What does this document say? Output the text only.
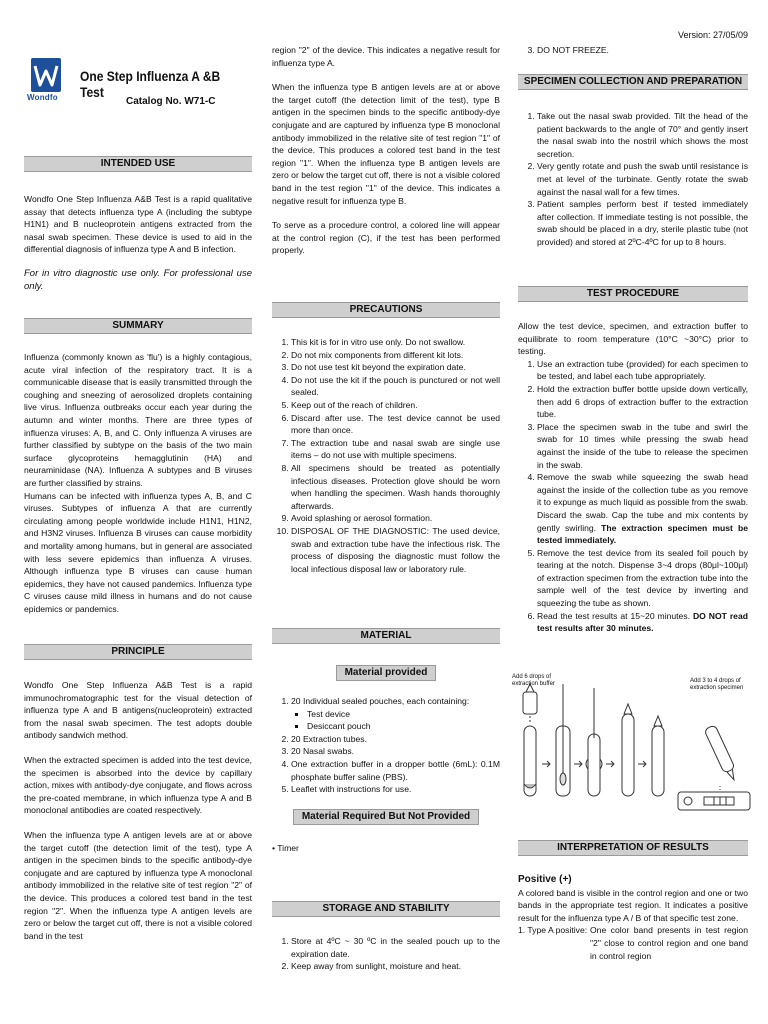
Version: 27/05/09
Wondfo
One Step Influenza A &B Test
Catalog No. W71-C
INTENDED USE

Wondfo One Step Influenza A&B Test is a rapid qualitative assay that detects influenza type A (including the subtype H1N1) and B nucleoprotein antigens extracted from the nasal swab specimen. These device is used to aid in the differential diagnosis of influenza type A and B infection.

For in vitro diagnostic use only. For professional use only.

SUMMARY

Influenza (commonly known as 'flu') is a highly contagious, acute viral infection of the respiratory tract. It is a communicable disease that is easily transmitted through the coughing and sneezing of aerosolized droplets containing live virus. Influenza outbreaks occur each year during the autumn and winter months. There are three types of influenza viruses: A, B, and C. Only influenza A viruses are further classified by subtype on the basis of the two main surface glycoproteins hemagglutinin (HA) and neuraminidase (NA). Influenza A subtypes and B viruses are further classified by strains.

Humans can be infected with influenza types A, B, and C viruses. Subtypes of influenza A that are currently circulating among people worldwide include H1N1, H1N2, and H3N2 viruses. Influenza B viruses can cause morbidity and mortality among humans, but in general are associated with less severe epidemics than influenza A viruses. Although influenza type B viruses can cause human epidemics, they have not caused pandemics. Influenza type C viruses cause mild illness in humans and do not cause epidemics or pandemics.

PRINCIPLE

Wondfo One Step Influenza A&B Test is a rapid immunochromatographic test for the visual detection of influenza type A and B antigens(nucleoprotein) extracted from the nasal swab specimen. The test adopts double antibody sandwich method.

When the extracted specimen is added into the test device, the specimen is absorbed into the device by capillary action, mixes with antibody-dye conjugate, and flows across the pre-coated membrane, in which influenza type A and B monoclonal antibodies are coated respectively.

When the influenza type A antigen levels are at or above the target cutoff (the detection limit of the test), type A antigen in the specimen binds to the specific antibody-dye conjugate and are captured by influenza type A monoclonal antibody immobilized in the relative site of test region "2" of the device. This produces a colored test band in the test region "2". When the influenza type A antigen levels are zero or below the target cut off, there is not a visible colored band in the test

region "2" of the device. This indicates a negative result for influenza type A.

When the influenza type B antigen levels are at or above the target cutoff (the detection limit of the test), type B antigen in the specimen binds to the specific antibody-dye conjugate and are captured by influenza type B monoclonal antibody immobilized in the relative site of test region "1" of the device. This produces a colored test band in the test region "1". When the influenza type B antigen levels are zero or below the target cut off, there is not a visible colored band in the test region "1" of the device. This indicates a negative result for influenza type B.

To serve as a procedure control, a colored line will appear at the control region (C), if the test has been performed properly.

PRECAUTIONS
1. This kit is for in vitro use only. Do not swallow.
2. Do not mix components from different kit lots.
3. Do not use test kit beyond the expiration date.
4. Do not use the kit if the pouch is punctured or not well sealed.
5. Keep out of the reach of children.
6. Discard after use. The test device cannot be used more than once.
7. The extraction tube and nasal swab are single use items – do not use with multiple specimens.
8. All specimens should be treated as potentially infectious diseases. Protection glove should be worn when handling the specimen. Wash hands thoroughly afterwards.
9. Avoid splashing or aerosol formation.
10. DISPOSAL OF THE DIAGNOSTIC: The used device, swab and extraction tube have the infectious risk. The process of disposing the diagnostic must follow the local infectious disposal law or laboratory rule.
MATERIAL
Material provided
1. 20 Individual sealed pouches, each containing:
▪ Test device
▪ Desiccant pouch
2. 20 Extraction tubes.
3. 20 Nasal swabs.
4. One extraction buffer in a dropper bottle (6mL): 0.1M phosphate buffer saline (PBS).
5. Leaflet with instructions for use.
Material Required But Not Provided

• Timer

STORAGE AND STABILITY
1. Store at 4ºC ~ 30 ºC in the sealed pouch up to the expiration date.
2. Keep away from sunlight, moisture and heat.
3. DO NOT FREEZE.
SPECIMEN COLLECTION AND PREPARATION
1. Take out the nasal swab provided. Tilt the head of the patient backwards to the angle of 70° and gently insert the nasal swab into the nostril which shows the most secretion.
2. Very gently rotate and push the swab until resistance is met at level of the turbinate. Gently rotate the swab against the nasal wall for a few times.
3. Patient samples perform best if tested immediately after collection. If immediate testing is not possible, the swab should be placed in a dry, sterile plastic tube (not provided) and stored at 2ºC-4ºC for up to 8 hours.
TEST PROCEDURE

Allow the test device, specimen, and extraction buffer to equilibrate to room temperature (10°C ~30°C) prior to testing.

1. Use an extraction tube (provided) for each specimen to be tested, and label each tube appropriately.
2. Hold the extraction buffer bottle upside down vertically, then add 6 drops of extraction buffer to the extraction tube.
3. Place the specimen swab in the tube and swirl the swab for 10 times while pressing the swab head against the inside of the tube to release the specimen in the swab.
4. Remove the swab while squeezing the swab head against the inside of the collection tube as you remove it to expunge as much liquid as possible from the swab. Discard the swab. Cap the tube and mix contents by gently swirling. The extraction specimen must be tested immediately.
5. Remove the test device from its sealed foil pouch by tearing at the notch. Dispense 3~4 drops (80μl~100μl) of extraction specimen from the extraction tube into the sample well of the test device by inverting and squeezing the tube as shown.
6. Read the test results at 15~20 minutes. DO NOT read test results after 30 minutes.
Add 6 drops of extraction buffer	Add 3 to 4 drops of extraction specimen
INTERPRETATION OF RESULTS

Positive (+)

A colored band is visible in the control region and one or two bands in the appropriate test region. It indicates a positive result for the influenza type A / B of that specific test zone.

1. Type A positive: One color band presents in test region "2" close to control region and one band in control region
